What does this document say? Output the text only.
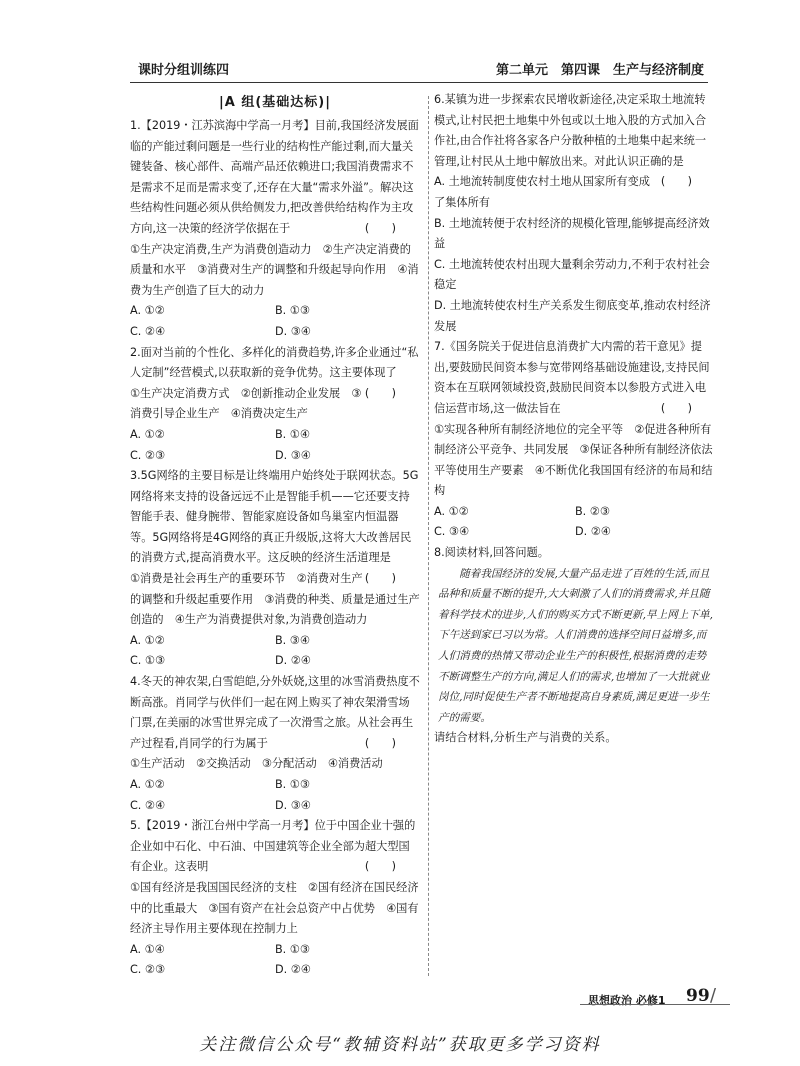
课时分组训练四	第二单元　第四课　生产与经济制度
|A 组(基础达标)|

1.【2019・江苏滨海中学高一月考】目前,我国经济发展面临的产能过剩问题是一些行业的结构性产能过剩,而大量关键装备、核心部件、高端产品还依赖进口;我国消费需求不是需求不足而是需求变了,还存在大量“需求外溢”。解决这些结构性问题必须从供给侧发力,把改善供给结构作为主攻方向,这一决策的经济学依据在于	(　　)

①生产决定消费,生产为消费创造动力　②生产决定消费的质量和水平　③消费对生产的调整和升级起导向作用　④消费为生产创造了巨大的动力

A. ①②	B. ①③
C. ②④	D. ③④

2.面对当前的个性化、多样化的消费趋势,许多企业通过“私人定制”经营模式,以获取新的竞争优势。这主要体现了
(　　)

①生产决定消费方式　②创新推动企业发展　③消费引导企业生产　④消费决定生产

A. ①②	B. ①④
C. ②③	D. ③④

3.5G网络的主要目标是让终端用户始终处于联网状态。5G网络将来支持的设备远远不止是智能手机——它还要支持智能手表、健身腕带、智能家庭设备如鸟巢室内恒温器等。5G网络将是4G网络的真正升级版,这将大大改善居民的消费方式,提高消费水平。这反映的经济生活道理是
(　　)

①消费是社会再生产的重要环节　②消费对生产的调整和升级起重要作用　③消费的种类、质量是通过生产创造的　④生产为消费提供对象,为消费创造动力

A. ①②	B. ③④
C. ①③	D. ②④

4.冬天的神农架,白雪皑皑,分外妖娆,这里的冰雪消费热度不断高涨。肖同学与伙伴们一起在网上购买了神农架滑雪场门票,在美丽的冰雪世界完成了一次滑雪之旅。从社会再生产过程看,肖同学的行为属于	(　　)

①生产活动　②交换活动　③分配活动　④消费活动

A. ①②	B. ①③
C. ②④	D. ③④

5.【2019・浙江台州中学高一月考】位于中国企业十强的企业如中石化、中石油、中国建筑等企业全部为超大型国有企业。这表明	(　　)

①国有经济是我国国民经济的支柱　②国有经济在国民经济中的比重最大　③国有资产在社会总资产中占优势　④国有经济主导作用主要体现在控制力上

A. ①④	B. ①③
C. ②③	D. ②④

6.某镇为进一步探索农民增收新途径,决定采取土地流转模式,让村民把土地集中外包或以土地入股的方式加入合作社,由合作社将各家各户分散种植的土地集中起来统一管理,让村民从土地中解放出来。对此认识正确的是
(　　)

A. 土地流转制度使农村土地从国家所有变成了集体所有

B. 土地流转便于农村经济的规模化管理,能够提高经济效益

C. 土地流转使农村出现大量剩余劳动力,不利于农村社会稳定

D. 土地流转使农村生产关系发生彻底变革,推动农村经济发展

7.《国务院关于促进信息消费扩大内需的若干意见》提出,要鼓励民间资本参与宽带网络基础设施建设,支持民间资本在互联网领域投资,鼓励民间资本以参股方式进入电信运营市场,这一做法旨在	(　　)

①实现各种所有制经济地位的完全平等　②促进各种所有制经济公平竞争、共同发展　③保证各种所有制经济依法平等使用生产要素　④不断优化我国国有经济的布局和结构

A. ①②	B. ②③
C. ③④	D. ②④

8.阅读材料,回答问题。

随着我国经济的发展,大量产品走进了百姓的生活,而且品种和质量不断的提升,大大刺激了人们的消费需求,并且随着科学技术的进步,人们的购买方式不断更新,早上网上下单,下午送到家已习以为常。人们消费的选择空间日益增多,而人们消费的热情又带动企业生产的积极性,根据消费的走势不断调整生产的方向,满足人们的需求,也增加了一大批就业岗位,同时促使生产者不断地提高自身素质,满足更进一步生产的需要。

请结合材料,分析生产与消费的关系。

思想政治 必修1 99 /
关注微信公众号“教辅资料站”获取更多学习资料
